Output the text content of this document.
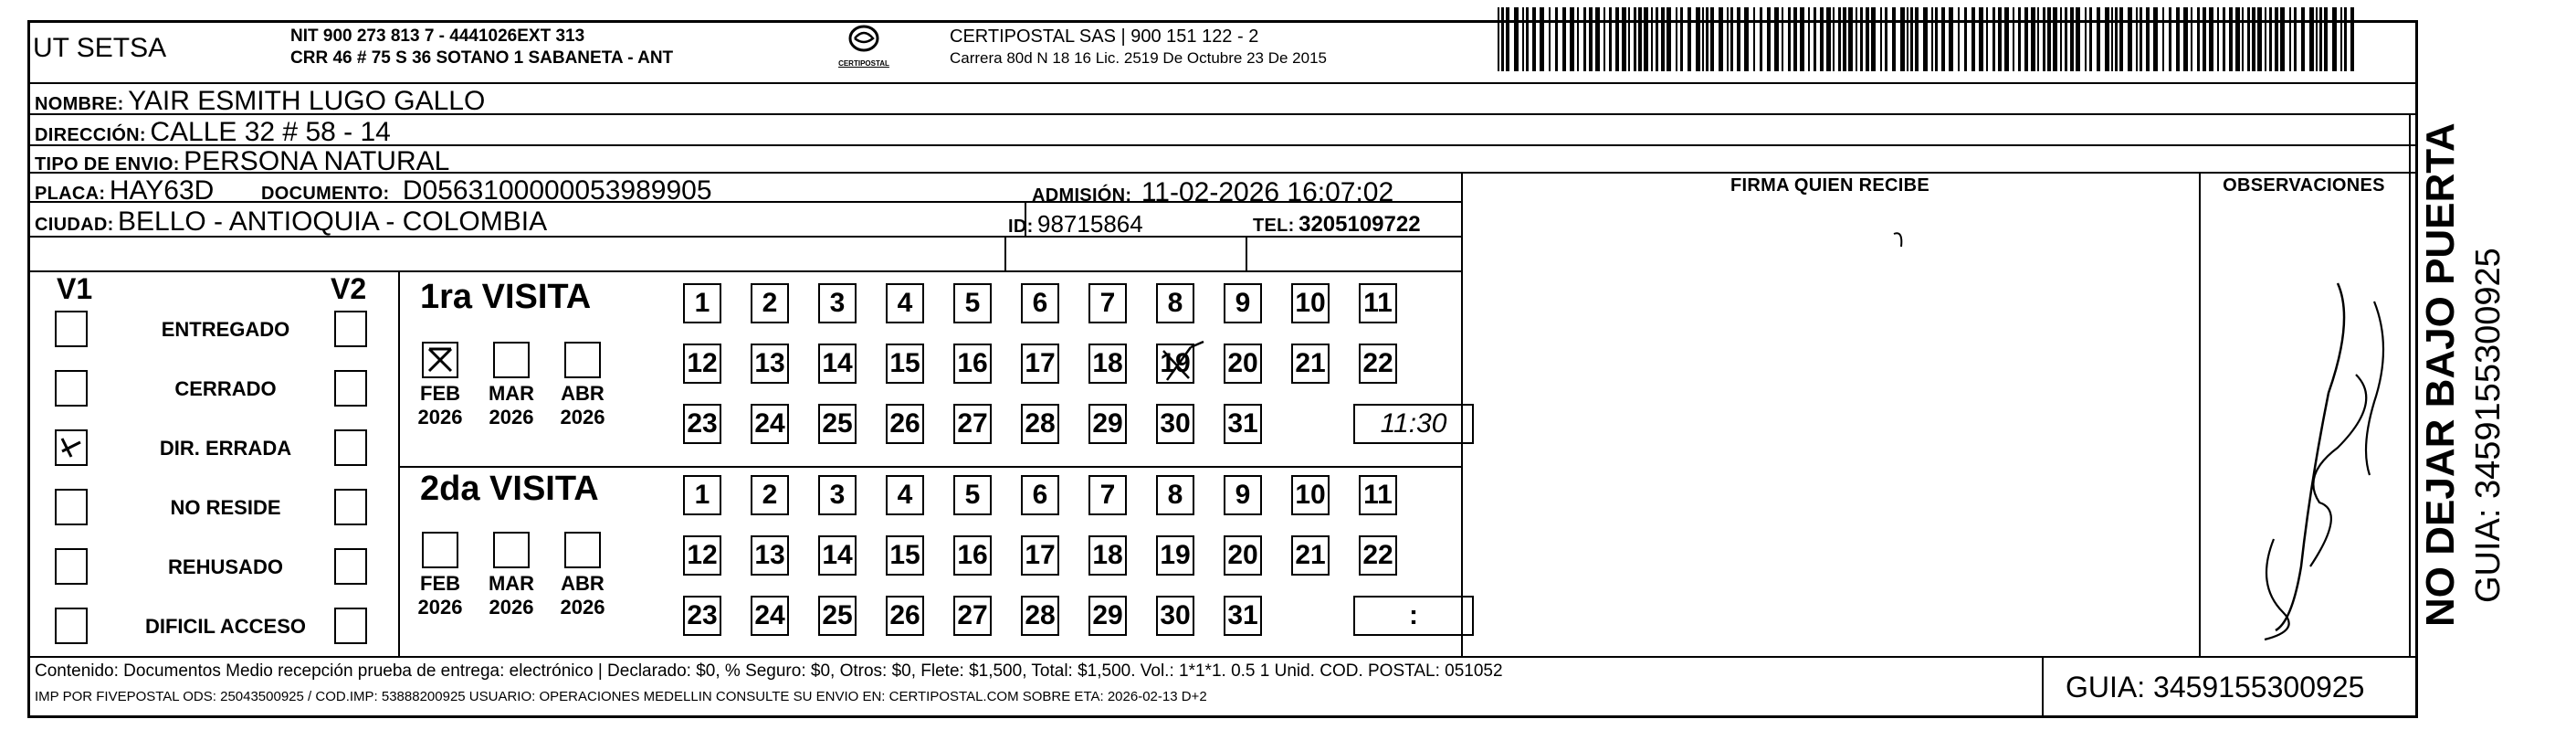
UT SETSA	NIT 900 273 813 7 - 4441026EXT 313
CRR 46 # 75 S 36 SOTANO 1 SABANETA - ANT	CERTIPOSTAL
CERTIPOSTAL SAS | 900 151 122 - 2
Carrera 80d N 18 16 Lic. 2519 De Octubre 23 De 2015
NOMBRE: YAIR ESMITH LUGO GALLO
DIRECCIÓN: CALLE 32 # 58 - 14
TIPO DE ENVIO: PERSONA NATURAL
PLACA: HAY63D	DOCUMENTO: D0563100000053989905	ADMISIÓN: 11-02-2026 16:07:02
CIUDAD: BELLO - ANTIOQUIA - COLOMBIA	ID: 98715864	TEL: 3205109722
FIRMA QUIEN RECIBE	OBSERVACIONES
V1	V2
ENTREGADO
CERRADO
DIR. ERRADA
NO RESIDE
REHUSADO
DIFICIL ACCESO
1ra VISITA
2da VISITA
FEB
2026
MAR
2026
ABR
2026
1	2	3	4	5	6	7	8	9	10 11
12 13 14 15 16 17 18 19 20 21 22
23 24 25 26 27 28 29 30 31	11:30
FEB
2026
MAR
2026
ABR
2026
1	2	3	4	5	6	7	8	9	10 11
12 13 14 15 16 17 18 19 20 21 22
23 24 25 26 27 28 29 30 31	:	NO DEJAR BAJO PUERTA GUIA: 3459155300925
Contenido: Documentos Medio recepción prueba de entrega: electrónico | Declarado: $0, % Seguro: $0, Otros: $0, Flete: $1,500, Total: $1,500. Vol.: 1*1*1. 0.5 1 Unid. COD. POSTAL: 051052
IMP POR FIVEPOSTAL ODS: 25043500925 / COD.IMP: 53888200925 USUARIO: OPERACIONES MEDELLIN CONSULTE SU ENVIO EN: CERTIPOSTAL.COM SOBRE ETA: 2026-02-13 D+2	GUIA: 3459155300925
